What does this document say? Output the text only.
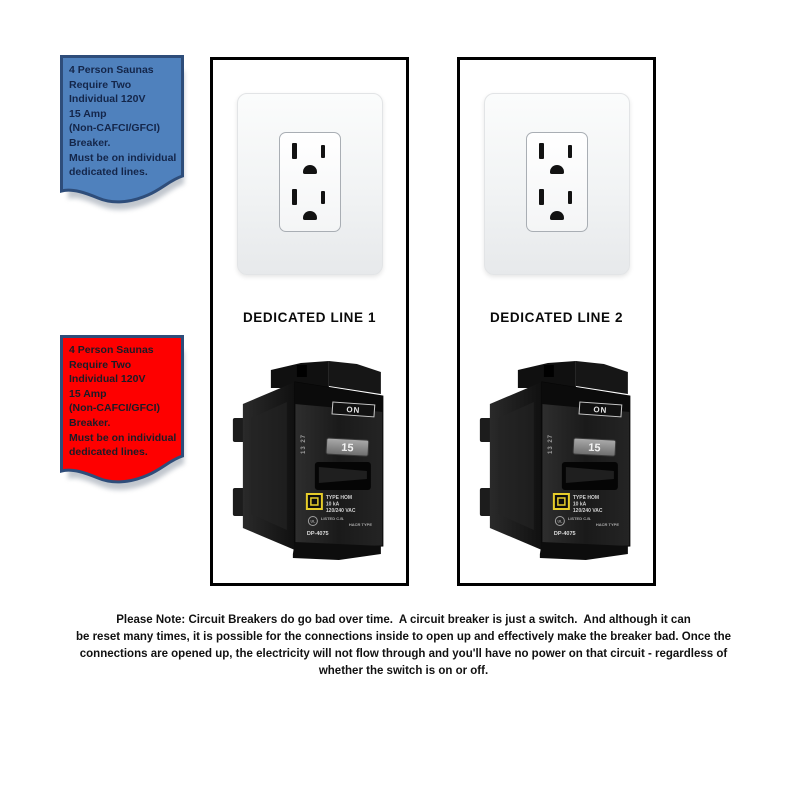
4 Person Saunas
Require Two
Individual 120V
15 Amp
(Non-CAFCI/GFCI)
Breaker.
Must be on individual
dedicated lines.
4 Person Saunas
Require Two
Individual 120V
15 Amp
(Non-CAFCI/GFCI)
Breaker.
Must be on individual
dedicated lines.
DEDICATED LINE 1
ON
13 27	15
TYPE HOM
10 kA
120/240 VAC
UL
LISTED C.B.
HACR TYPE
DP-4075
DEDICATED LINE 2
ON
13 27	15
TYPE HOM
10 kA
120/240 VAC
UL
LISTED C.B.
HACR TYPE
DP-4075
Please Note: Circuit Breakers do go bad over time.  A circuit breaker is just a switch.  And although it can
be reset many times, it is possible for the connections inside to open up and effectively make the breaker bad. Once the
connections are opened up, the electricity will not flow through and you'll have no power on that circuit - regardless of
whether the switch is on or off.
